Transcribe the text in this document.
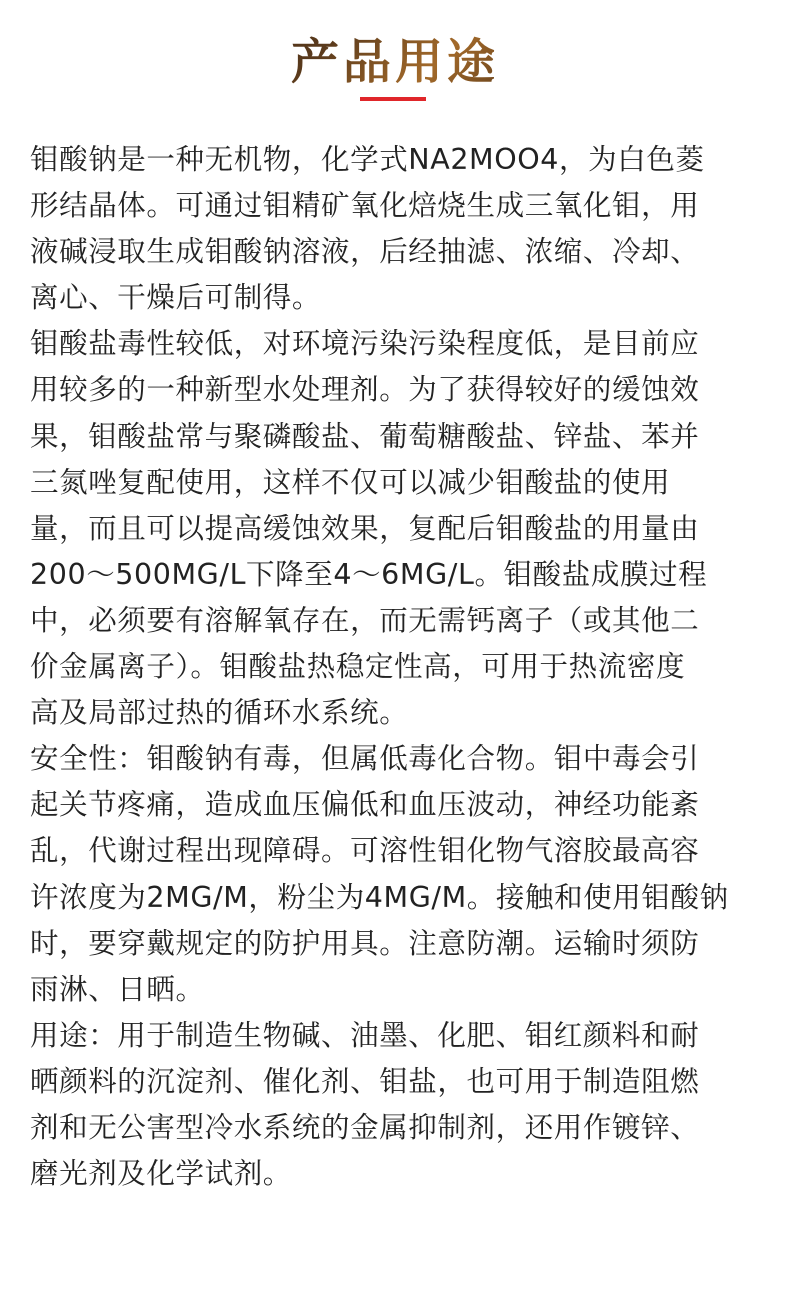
产品用途
钼酸钠是一种无机物，化学式NA2MOO4，为白色菱
形结晶体。可通过钼精矿氧化焙烧生成三氧化钼，用
液碱浸取生成钼酸钠溶液，后经抽滤、浓缩、冷却、
离心、干燥后可制得。
钼酸盐毒性较低，对环境污染污染程度低，是目前应
用较多的一种新型水处理剂。为了获得较好的缓蚀效
果，钼酸盐常与聚磷酸盐、葡萄糖酸盐、锌盐、苯并
三氮唑复配使用，这样不仅可以减少钼酸盐的使用
量，而且可以提高缓蚀效果，复配后钼酸盐的用量由
200～500MG/L下降至4～6MG/L。钼酸盐成膜过程
中，必须要有溶解氧存在，而无需钙离子（或其他二
价金属离子）。钼酸盐热稳定性高，可用于热流密度
高及局部过热的循环水系统。
安全性：钼酸钠有毒，但属低毒化合物。钼中毒会引
起关节疼痛，造成血压偏低和血压波动，神经功能紊
乱，代谢过程出现障碍。可溶性钼化物气溶胶最高容
许浓度为2MG/M，粉尘为4MG/M。接触和使用钼酸钠
时，要穿戴规定的防护用具。注意防潮。运输时须防
雨淋、日晒。
用途：用于制造生物碱、油墨、化肥、钼红颜料和耐
晒颜料的沉淀剂、催化剂、钼盐，也可用于制造阻燃
剂和无公害型冷水系统的金属抑制剂，还用作镀锌、
磨光剂及化学试剂。
